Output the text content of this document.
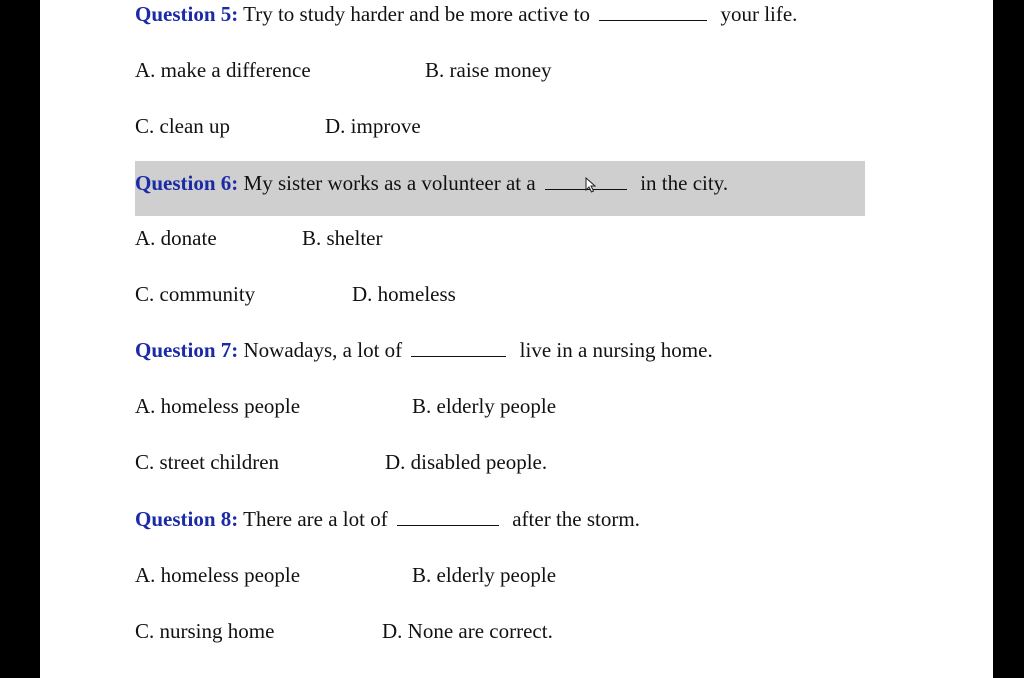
Question 5: Try to study harder and be more active to	your life.
A. make a difference	B. raise money
C. clean up	D. improve
Question 6: My sister works as a volunteer at a	in the city.
A. donate	B. shelter
C. community	D. homeless
Question 7: Nowadays, a lot of	live in a nursing home.
A. homeless people	B. elderly people
C. street children	D. disabled people.
Question 8: There are a lot of	after the storm.
A. homeless people	B. elderly people
C. nursing home	D. None are correct.
